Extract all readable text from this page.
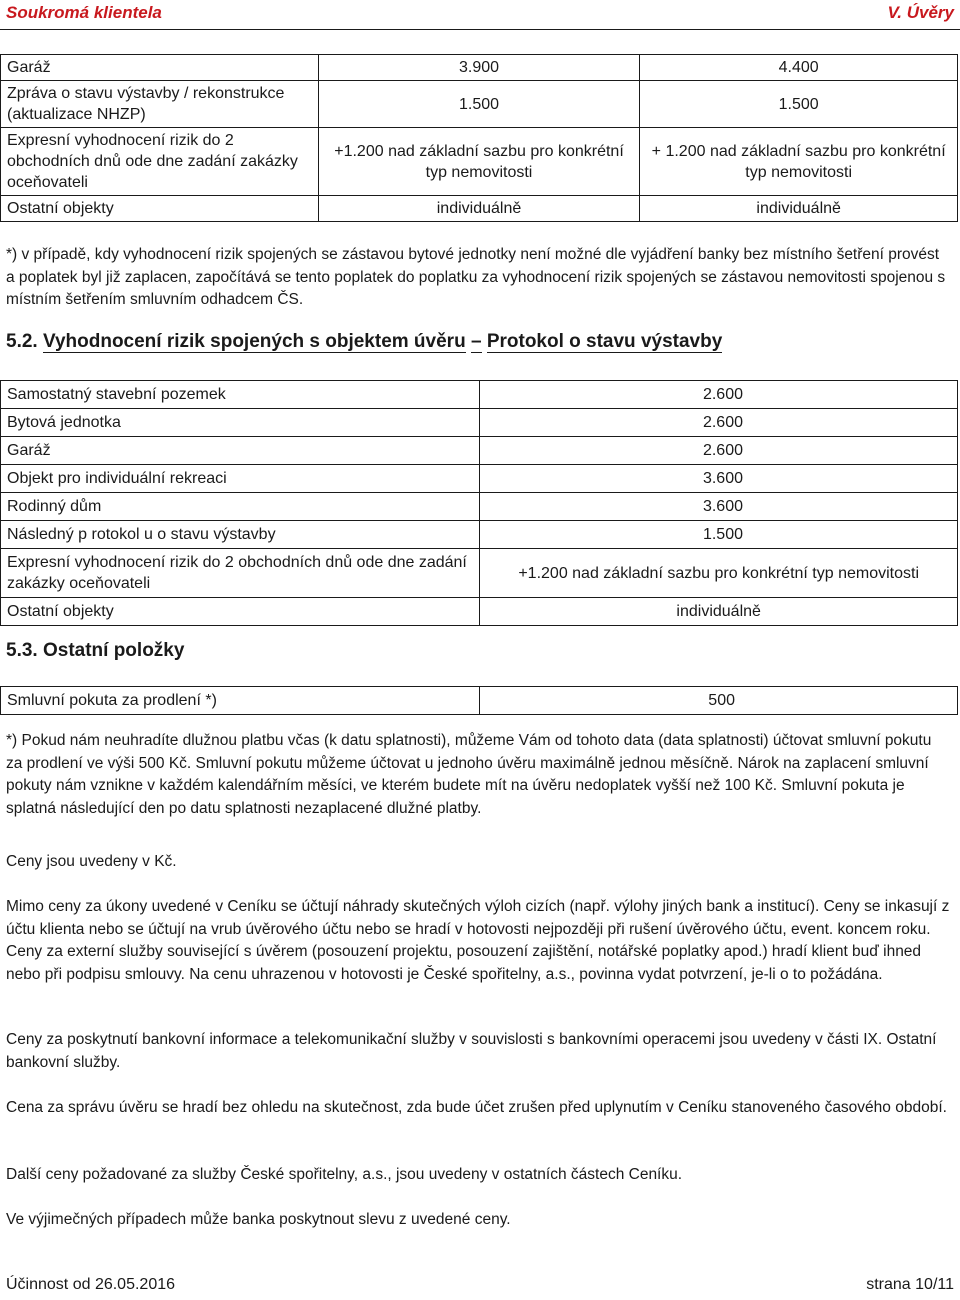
Soukromá klientela	V. Úvěry
Garáž	3.900	4.400
Zpráva o stavu výstavby / rekonstrukce (aktualizace NHZP)	1.500	1.500
Expresní vyhodnocení rizik do 2 obchodních dnů ode dne zadání zakázky oceňovateli	+1.200 nad základní sazbu pro konkrétní typ nemovitosti	+ 1.200 nad základní sazbu pro konkrétní typ nemovitosti
Ostatní objekty	individuálně	individuálně

*) v případě, kdy vyhodnocení rizik spojených se zástavou bytové jednotky není možné dle vyjádření banky bez místního šetření provést a poplatek byl již zaplacen, započítává se tento poplatek do poplatku za vyhodnocení rizik spojených se zástavou nemovitosti spojenou s místním šetřením smluvním odhadcem ČS.

5.2. Vyhodnocení rizik spojených s objektem úvěru – Protokol o stavu výstavby
Samostatný stavební pozemek	2.600
Bytová jednotka	2.600
Garáž	2.600
Objekt pro individuální rekreaci	3.600
Rodinný dům	3.600
Následný p rotokol u o stavu výstavby	1.500
Expresní vyhodnocení rizik do 2 obchodních dnů ode dne zadání zakázky oceňovateli	+1.200 nad základní sazbu pro konkrétní typ nemovitosti
Ostatní objekty	individuálně
5.3. Ostatní položky
Smluvní pokuta za prodlení *)	500

*) Pokud nám neuhradíte dlužnou platbu včas (k datu splatnosti), můžeme Vám od tohoto data (data splatnosti) účtovat smluvní pokutu za prodlení ve výši 500 Kč. Smluvní pokutu můžeme účtovat u jednoho úvěru maximálně jednou měsíčně. Nárok na zaplacení smluvní pokuty nám vznikne v každém kalendářním měsíci, ve kterém budete mít na úvěru nedoplatek vyšší než 100 Kč. Smluvní pokuta je splatná následující den po datu splatnosti nezaplacené dlužné platby.

Ceny jsou uvedeny v Kč.

Mimo ceny za úkony uvedené v Ceníku se účtují náhrady skutečných výloh cizích (např. výlohy jiných bank a institucí). Ceny se inkasují z účtu klienta nebo se účtují na vrub úvěrového účtu nebo se hradí v hotovosti nejpozději při rušení úvěrového účtu, event. koncem roku. Ceny za externí služby související s úvěrem (posouzení projektu, posouzení zajištění, notářské poplatky apod.) hradí klient buď ihned nebo při podpisu smlouvy. Na cenu uhrazenou v hotovosti je České spořitelny, a.s., povinna vydat potvrzení, je-li o to požádána.

Ceny za poskytnutí bankovní informace a telekomunikační služby v souvislosti s bankovními operacemi jsou uvedeny v části IX. Ostatní bankovní služby.

Cena za správu úvěru se hradí bez ohledu na skutečnost, zda bude účet zrušen před uplynutím v Ceníku stanoveného časového období.

Další ceny požadované za služby České spořitelny, a.s., jsou uvedeny v ostatních částech Ceníku.

Ve výjimečných případech může banka poskytnout slevu z uvedené ceny.

Účinnost od 26.05.2016	strana 10/11
